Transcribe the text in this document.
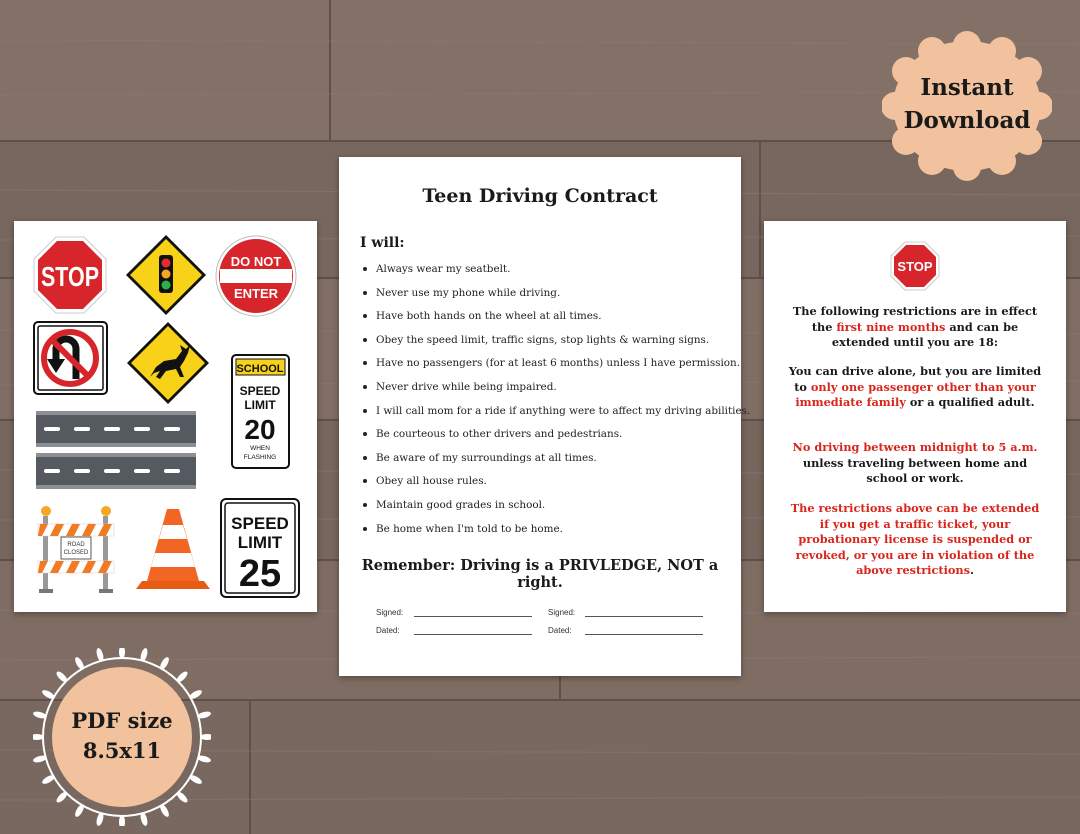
STOP	DO NOT
ENTER
SCHOOL
SPEED
LIMIT
20
WHEN
FLASHING
ROAD
CLOSED
SPEED
LIMIT
25
Teen Driving Contract
I will:
Always wear my seatbelt.
Never use my phone while driving.
Have both hands on the wheel at all times.
Obey the speed limit, traffic signs, stop lights & warning signs.
Have no passengers (for at least 6 months) unless I have permission.
Never drive while being impaired.
I will call mom for a ride if anything were to affect my driving abilities.
Be courteous to other drivers and pedestrians.
Be aware of my surroundings at all times.
Obey all house rules.
Maintain good grades in school.
Be home when I'm told to be home.
Remember: Driving is a PRIVLEDGE, NOT a right.
Signed:
Dated:
Signed:
Dated:
STOP
The following restrictions are in effect the first nine months and can be extended until you are 18:
You can drive alone, but you are limited to only one passenger other than your immediate family or a qualified adult.
No driving between midnight to 5 a.m. unless traveling between home and school or work.
The restrictions above can be extended if you get a traffic ticket, your probationary license is suspended or revoked, or you are in violation of the above restrictions.
Instant
Download
PDF size
8.5x11
